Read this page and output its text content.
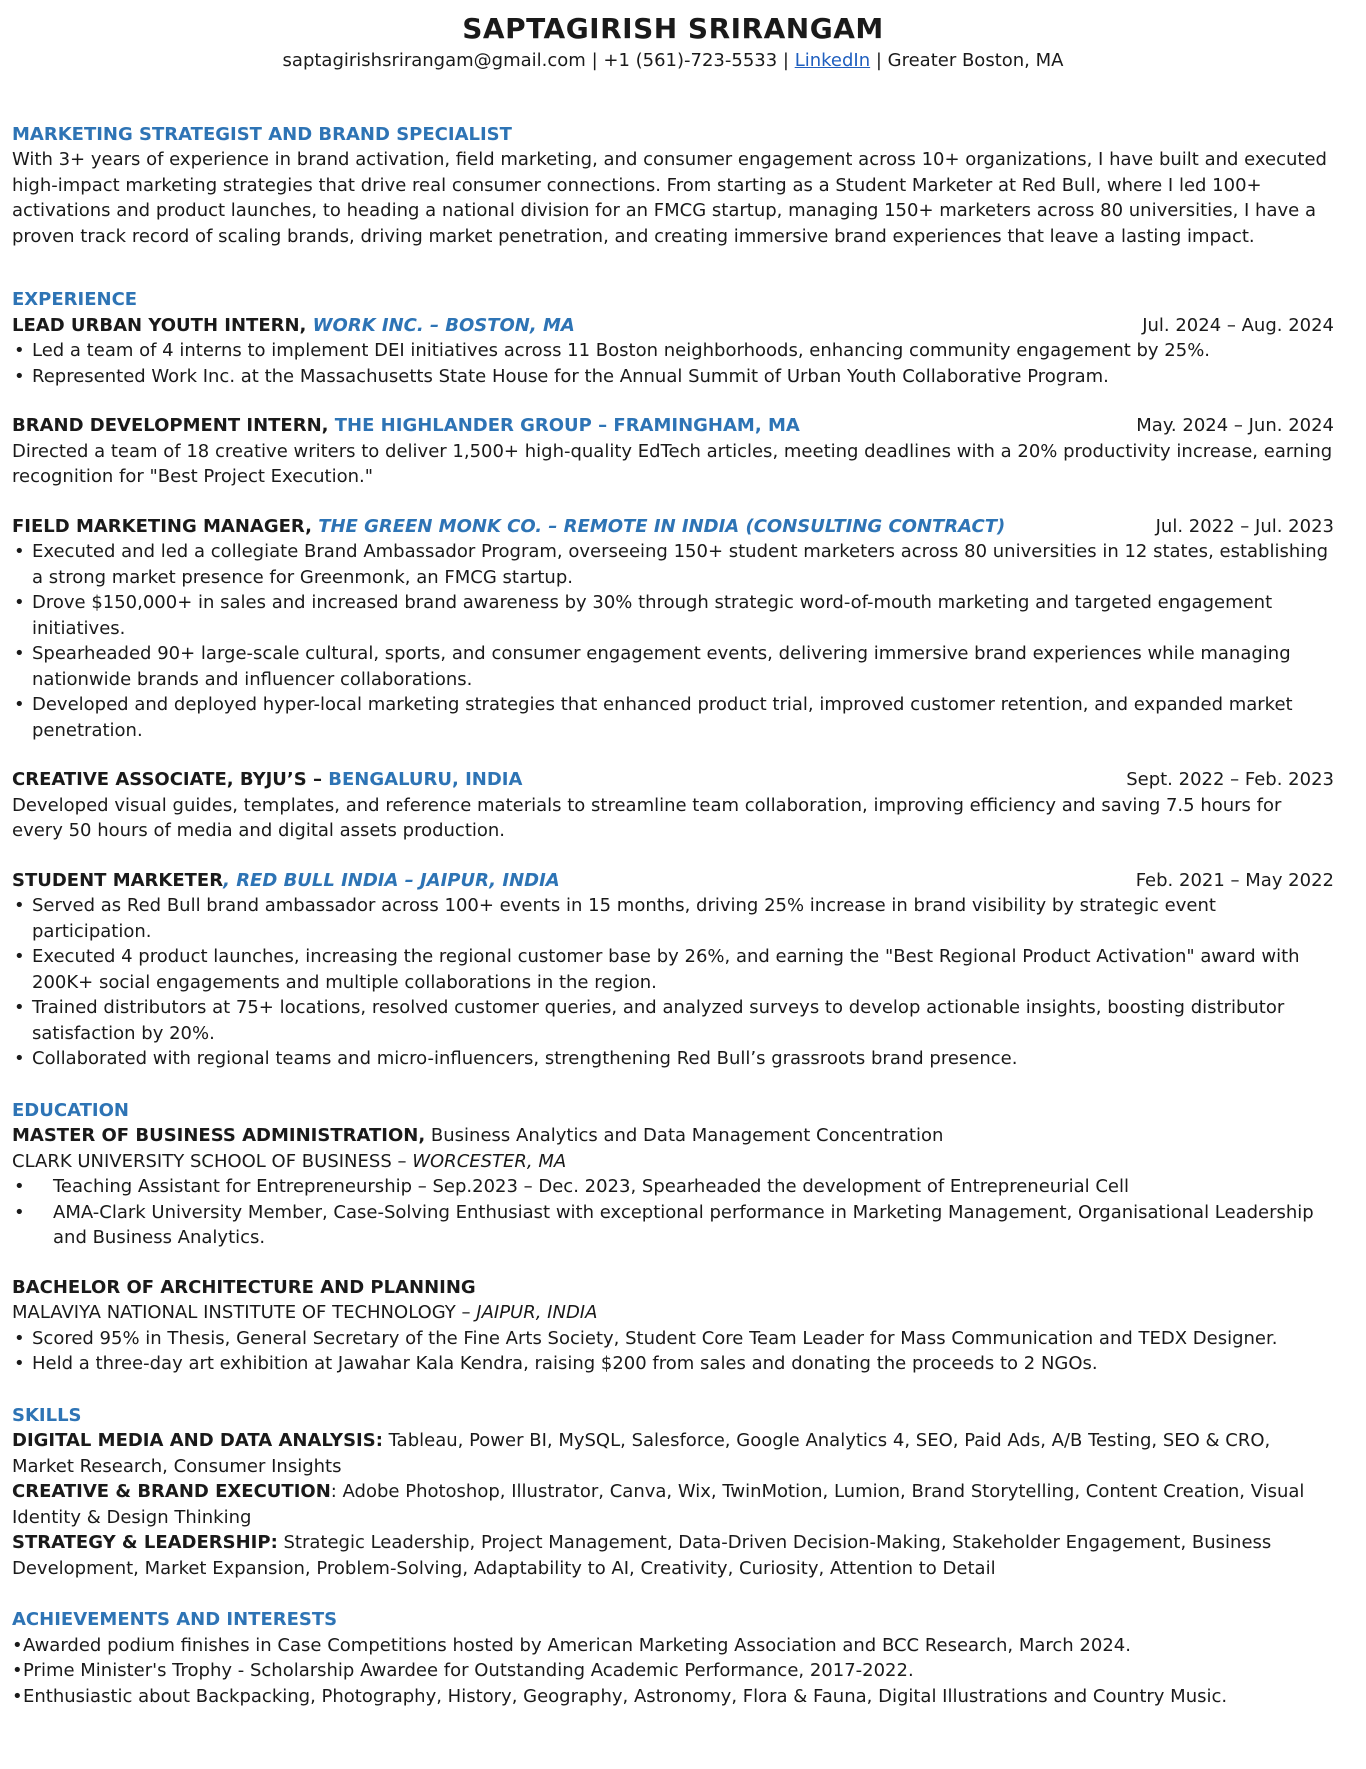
SAPTAGIRISH SRIRANGAM
saptagirishsrirangam@gmail.com | +1 (561)-723-5533 | LinkedIn | Greater Boston, MA
MARKETING STRATEGIST AND BRAND SPECIALIST
With 3+ years of experience in brand activation, field marketing, and consumer engagement across 10+ organizations, I have built and executed high-impact marketing strategies that drive real consumer connections. From starting as a Student Marketer at Red Bull, where I led 100+ activations and product launches, to heading a national division for an FMCG startup, managing 150+ marketers across 80 universities, I have a proven track record of scaling brands, driving market penetration, and creating immersive brand experiences that leave a lasting impact.
EXPERIENCE
LEAD URBAN YOUTH INTERN, WORK INC. – BOSTON, MA	Jul. 2024 – Aug. 2024
• Led a team of 4 interns to implement DEI initiatives across 11 Boston neighborhoods, enhancing community engagement by 25%.
• Represented Work Inc. at the Massachusetts State House for the Annual Summit of Urban Youth Collaborative Program.
BRAND DEVELOPMENT INTERN, THE HIGHLANDER GROUP – FRAMINGHAM, MA	May. 2024 – Jun. 2024
Directed a team of 18 creative writers to deliver 1,500+ high-quality EdTech articles, meeting deadlines with a 20% productivity increase, earning recognition for "Best Project Execution."
FIELD MARKETING MANAGER, THE GREEN MONK CO. – REMOTE IN INDIA (CONSULTING CONTRACT)	Jul. 2022 – Jul. 2023
• Executed and led a collegiate Brand Ambassador Program, overseeing 150+ student marketers across 80 universities in 12 states, establishing a strong market presence for Greenmonk, an FMCG startup.
• Drove $150,000+ in sales and increased brand awareness by 30% through strategic word-of-mouth marketing and targeted engagement initiatives.
• Spearheaded 90+ large-scale cultural, sports, and consumer engagement events, delivering immersive brand experiences while managing nationwide brands and influencer collaborations.
• Developed and deployed hyper-local marketing strategies that enhanced product trial, improved customer retention, and expanded market penetration.
CREATIVE ASSOCIATE, BYJU’S – BENGALURU, INDIA	Sept. 2022 – Feb. 2023
Developed visual guides, templates, and reference materials to streamline team collaboration, improving efficiency and saving 7.5 hours for every 50 hours of media and digital assets production.
STUDENT MARKETER, RED BULL INDIA – JAIPUR, INDIA	Feb. 2021 – May 2022
• Served as Red Bull brand ambassador across 100+ events in 15 months, driving 25% increase in brand visibility by strategic event participation.
• Executed 4 product launches, increasing the regional customer base by 26%, and earning the "Best Regional Product Activation" award with 200K+ social engagements and multiple collaborations in the region.
• Trained distributors at 75+ locations, resolved customer queries, and analyzed surveys to develop actionable insights, boosting distributor satisfaction by 20%.
• Collaborated with regional teams and micro-influencers, strengthening Red Bull’s grassroots brand presence.
EDUCATION
MASTER OF BUSINESS ADMINISTRATION, Business Analytics and Data Management Concentration
CLARK UNIVERSITY SCHOOL OF BUSINESS – WORCESTER, MA
• Teaching Assistant for Entrepreneurship – Sep.2023 – Dec. 2023, Spearheaded the development of Entrepreneurial Cell
• AMA-Clark University Member, Case-Solving Enthusiast with exceptional performance in Marketing Management, Organisational Leadership and Business Analytics.
BACHELOR OF ARCHITECTURE AND PLANNING
MALAVIYA NATIONAL INSTITUTE OF TECHNOLOGY – JAIPUR, INDIA
• Scored 95% in Thesis, General Secretary of the Fine Arts Society, Student Core Team Leader for Mass Communication and TEDX Designer.
• Held a three-day art exhibition at Jawahar Kala Kendra, raising $200 from sales and donating the proceeds to 2 NGOs.
SKILLS
DIGITAL MEDIA AND DATA ANALYSIS: Tableau, Power BI, MySQL, Salesforce, Google Analytics 4, SEO, Paid Ads, A/B Testing, SEO & CRO, Market Research, Consumer Insights
CREATIVE & BRAND EXECUTION: Adobe Photoshop, Illustrator, Canva, Wix, TwinMotion, Lumion, Brand Storytelling, Content Creation, Visual Identity & Design Thinking
STRATEGY & LEADERSHIP: Strategic Leadership, Project Management, Data-Driven Decision-Making, Stakeholder Engagement, Business Development, Market Expansion, Problem-Solving, Adaptability to AI, Creativity, Curiosity, Attention to Detail
ACHIEVEMENTS AND INTERESTS
• Awarded podium finishes in Case Competitions hosted by American Marketing Association and BCC Research, March 2024.
• Prime Minister's Trophy - Scholarship Awardee for Outstanding Academic Performance, 2017-2022.
• Enthusiastic about Backpacking, Photography, History, Geography, Astronomy, Flora & Fauna, Digital Illustrations and Country Music.
